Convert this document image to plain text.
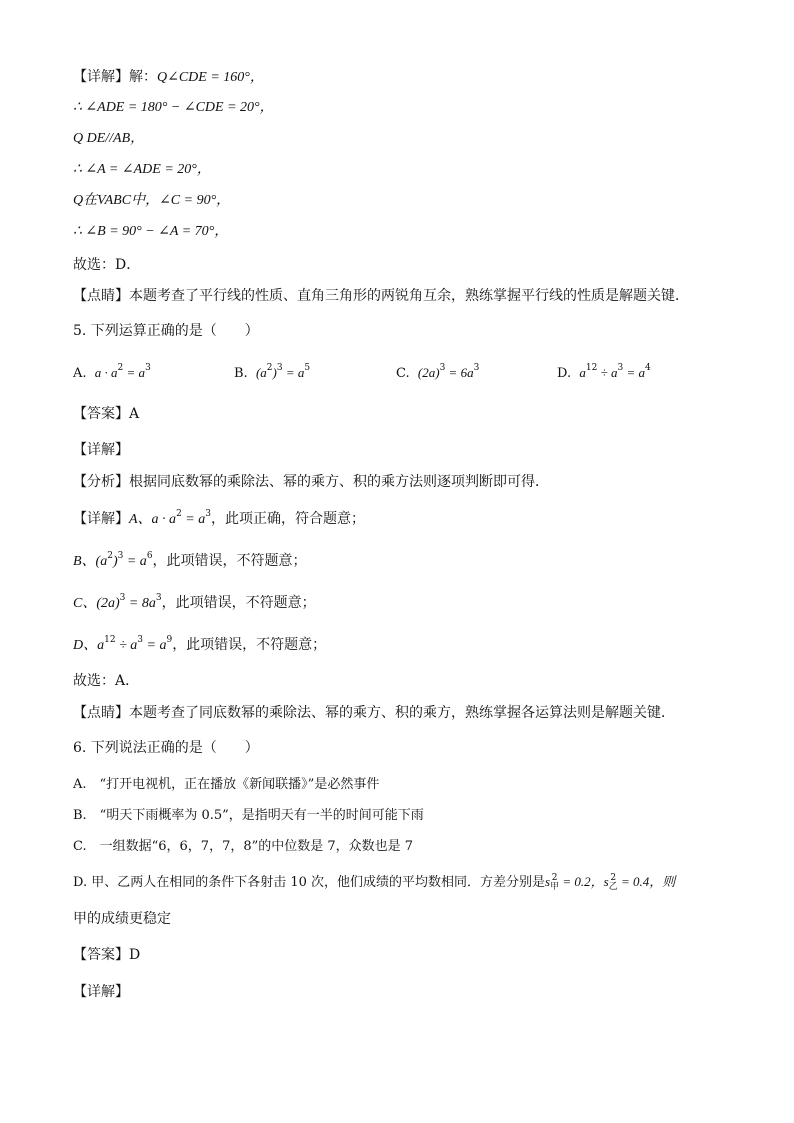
【详解】解：Q∠CDE = 160°，
∴ ∠ADE = 180° − ∠CDE = 20°，
Q DE//AB，
∴ ∠A = ∠ADE = 20°，
Q在VABC中，∠C = 90°，
∴ ∠B = 90° − ∠A = 70°，
故选：D．
【点睛】本题考查了平行线的性质、直角三角形的两锐角互余，熟练掌握平行线的性质是解题关键．
5. 下列运算正确的是（　　）
A. $a \cdot a^2 = a^3$	B. $(a^2)^3 = a^5$	C. $(2a)^3 = 6a^3$	D. $a^{12} \div a^3 = a^4$
【答案】A
【详解】
【分析】根据同底数幂的乘除法、幂的乘方、积的乘方法则逐项判断即可得．
【详解】A、$a \cdot a^2 = a^3$，此项正确，符合题意；
B、$(a^2)^3 = a^6$，此项错误，不符题意；
C、$(2a)^3 = 8a^3$，此项错误，不符题意；
D、$a^{12} \div a^3 = a^9$，此项错误，不符题意；
故选：A．
【点睛】本题考查了同底数幂的乘除法、幂的乘方、积的乘方，熟练掌握各运算法则是解题关键．
6. 下列说法正确的是（　　）
A.　“打开电视机，正在播放《新闻联播》”是必然事件
B.　“明天下雨概率为 0.5”，是指明天有一半的时间可能下雨
C.　一组数据“6，6，7，7，8”的中位数是 7，众数也是 7
D. 甲、乙两人在相同的条件下各射击 10 次，他们成绩的平均数相同．方差分别是s 2
甲 = 0.2，s 2
乙 = 0.4，则
甲的成绩更稳定
【答案】D
【详解】
